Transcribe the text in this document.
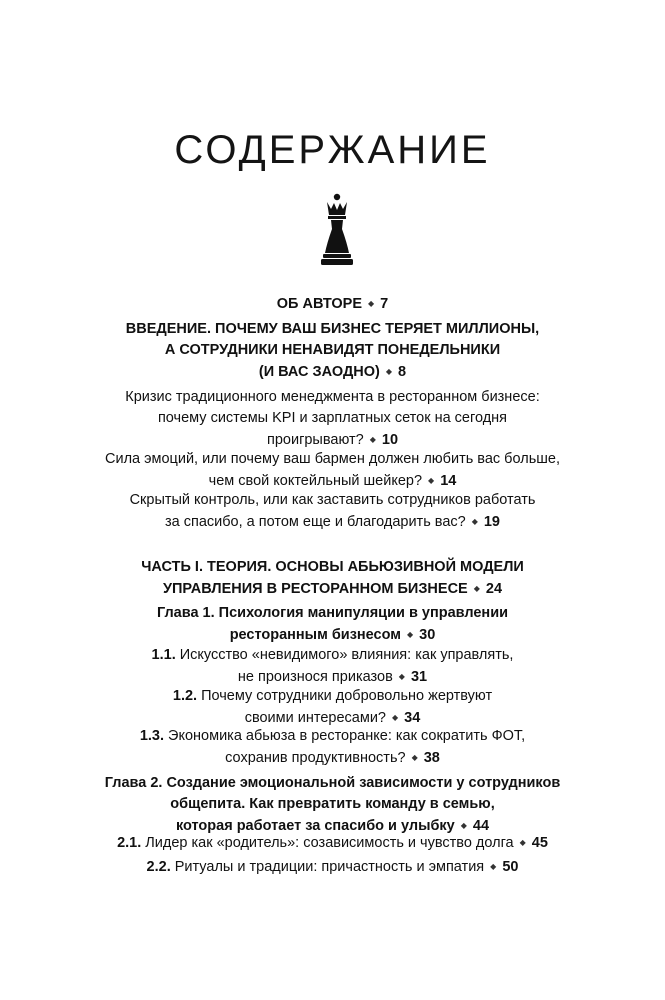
СОДЕРЖАНИЕ
ОБ АВТОРЕ ◆ 7
ВВЕДЕНИЕ. ПОЧЕМУ ВАШ БИЗНЕС ТЕРЯЕТ МИЛЛИОНЫ,
А СОТРУДНИКИ НЕНАВИДЯТ ПОНЕДЕЛЬНИКИ
(И ВАС ЗАОДНО) ◆ 8
Кризис традиционного менеджмента в ресторанном бизнесе:
почему системы KPI и зарплатных сеток на сегодня
проигрывают? ◆ 10
Сила эмоций, или почему ваш бармен должен любить вас больше,
чем свой коктейльный шейкер? ◆ 14
Скрытый контроль, или как заставить сотрудников работать
за спасибо, а потом еще и благодарить вас? ◆ 19
ЧАСТЬ I. ТЕОРИЯ. ОСНОВЫ АБЬЮЗИВНОЙ МОДЕЛИ
УПРАВЛЕНИЯ В РЕСТОРАННОМ БИЗНЕСЕ ◆ 24
Глава 1. Психология манипуляции в управлении
ресторанным бизнесом ◆ 30
1.1. Искусство «невидимого» влияния: как управлять,
не произнося приказов ◆ 31
1.2. Почему сотрудники добровольно жертвуют
своими интересами? ◆ 34
1.3. Экономика абьюза в ресторанке: как сократить ФОТ,
сохранив продуктивность? ◆ 38
Глава 2. Создание эмоциональной зависимости у сотрудников
общепита. Как превратить команду в семью,
которая работает за спасибо и улыбку ◆ 44
2.1. Лидер как «родитель»: созависимость и чувство долга ◆ 45
2.2. Ритуалы и традиции: причастность и эмпатия ◆ 50
